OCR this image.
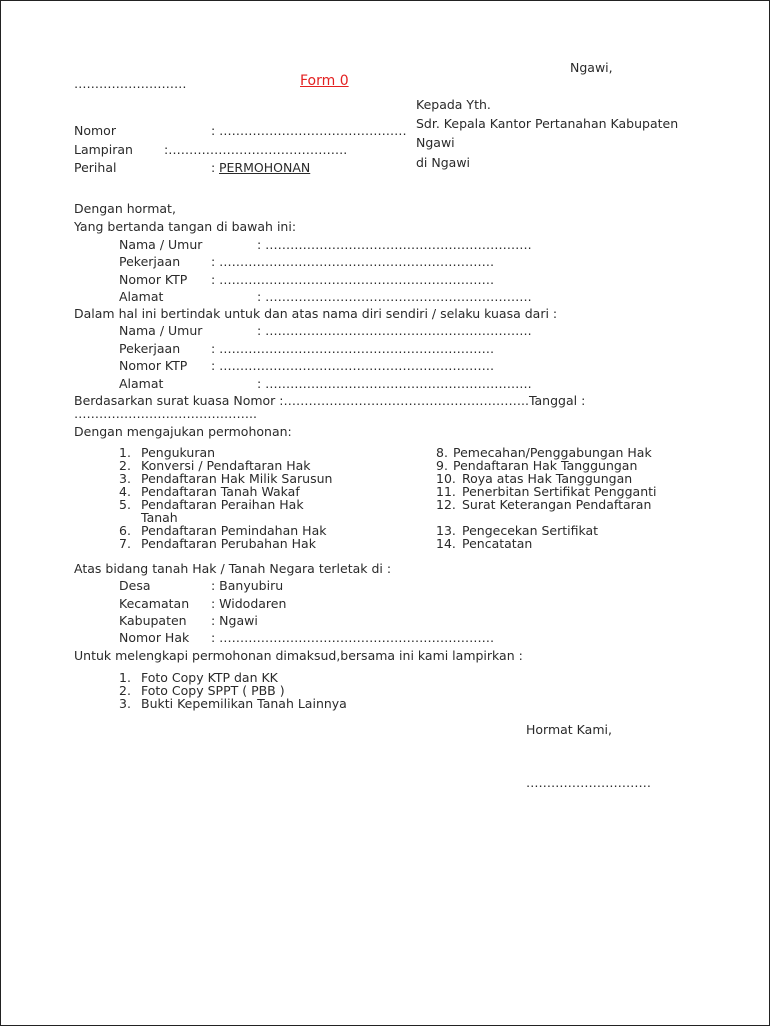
Ngawi,
………………………	Form 0
Kepada Yth.
Sdr. Kepala Kantor Pertanahan Kabupaten
Ngawi
di Ngawi
Nomor	: ………………………………………
Lampiran :…………………………………….
Perihal	: PERMOHONAN
Dengan hormat,
Yang bertanda tangan di bawah ini:
Nama / Umur	: ……………………………………………………….
Pekerjaan : …………………………………………………………
Nomor KTP : …………………………………………………………
Alamat	: ……………………………………………………….
Dalam hal ini bertindak untuk dan atas nama diri sendiri / selaku kuasa dari :
Nama / Umur	: ……………………………………………………….
Pekerjaan : …………………………………………………………
Nomor KTP : …………………………………………………………
Alamat	: ……………………………………………………….
Berdasarkan surat kuasa Nomor :…………………………………………………..Tanggal :
……………………………………..
Dengan mengajukan permohonan:
1. Pengukuran
2. Konversi / Pendaftaran Hak
3. Pendaftaran Hak Milik Sarusun
4. Pendaftaran Tanah Wakaf
5. Pendaftaran Peraihan Hak
Tanah
6. Pendaftaran Pemindahan Hak
7. Pendaftaran Perubahan Hak
8. Pemecahan/Penggabungan Hak
9. Pendaftaran Hak Tanggungan
10. Roya atas Hak Tanggungan
11. Penerbitan Sertifikat Pengganti
12. Surat Keterangan Pendaftaran
13. Pengecekan Sertifikat
14. Pencatatan
Atas bidang tanah Hak / Tanah Negara terletak di :
Desa	: Banyubiru
Kecamatan : Widodaren
Kabupaten : Ngawi
Nomor Hak : …………………………………………………………
Untuk melengkapi permohonan dimaksud,bersama ini kami lampirkan :
1. Foto Copy KTP dan KK
2. Foto Copy SPPT ( PBB )
3. Bukti Kepemilikan Tanah Lainnya
Hormat Kami,
…………………………
